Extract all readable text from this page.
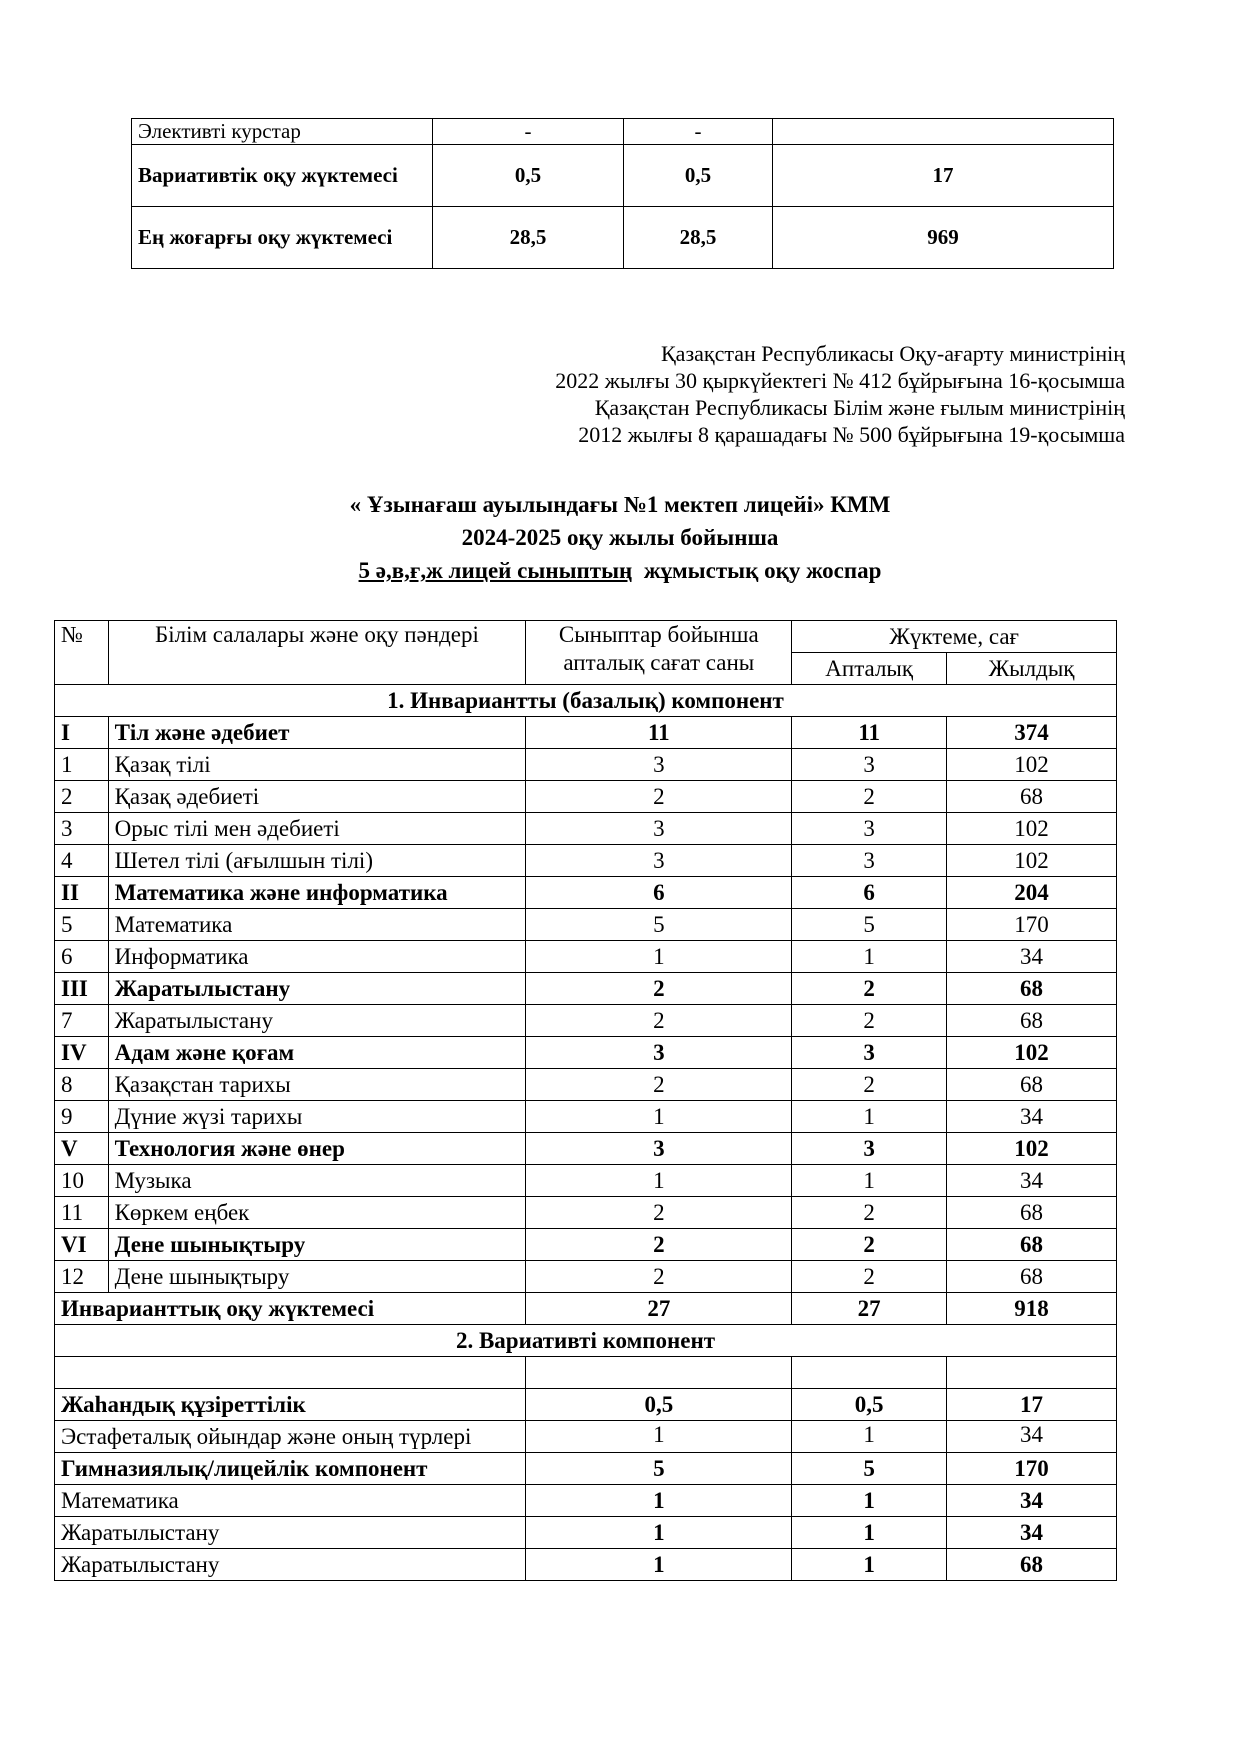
Элективті курстар	-	-	
Вариативтік оқу жүктемесі	0,5	0,5	17
Ең жоғарғы оқу жүктемесі	28,5	28,5	969
Қазақстан Республикасы Оқу-ағарту министрінің
2022 жылғы 30 қыркүйектегі № 412 бұйрығына 16-қосымша
Қазақстан Республикасы Білім және ғылым министрінің
2012 жылғы 8 қарашадағы № 500 бұйрығына 19-қосымша
« Ұзынағаш ауылындағы №1 мектеп лицейі» КММ
2024-2025 оқу жылы бойынша
5 ә,в,ғ,ж лицей сыныптың  жұмыстық оқу жоспар
№	Білім салалары және оқу пәндері	Сыныптар бойынша апталық сағат саны	Жүктеме, сағ	
			Апталық	Жылдық
1. Инвариантты (базалық) компонент				
I	Тіл және әдебиет	11	11	374
1	Қазақ тілі	3	3	102
2	Қазақ әдебиеті	2	2	68
3	Орыс тілі мен әдебиеті	3	3	102
4	Шетел тілі (ағылшын тілі)	3	3	102
II	Математика және информатика	6	6	204
5	Математика	5	5	170
6	Информатика	1	1	34
III	Жаратылыстану	2	2	68
7	Жаратылыстану	2	2	68
IV	Адам және қоғам	3	3	102
8	Қазақстан тарихы	2	2	68
9	Дүние жүзі тарихы	1	1	34
V	Технология және өнер	3	3	102
10	Музыка	1	1	34
11	Көркем еңбек	2	2	68
VI	Дене шынықтыру	2	2	68
12	Дене шынықтыру	2	2	68
Инварианттық оқу жүктемесі		27	27	918
2. Вариативті компонент				

Жаһандық құзіреттілік		0,5	0,5	17
Эстафеталық ойындар және оның түрлері		1	1	34
Гимназиялық/лицейлік компонент		5	5	170
Математика		1	1	34
Жаратылыстану		1	1	34
Жаратылыстану		1	1	68
